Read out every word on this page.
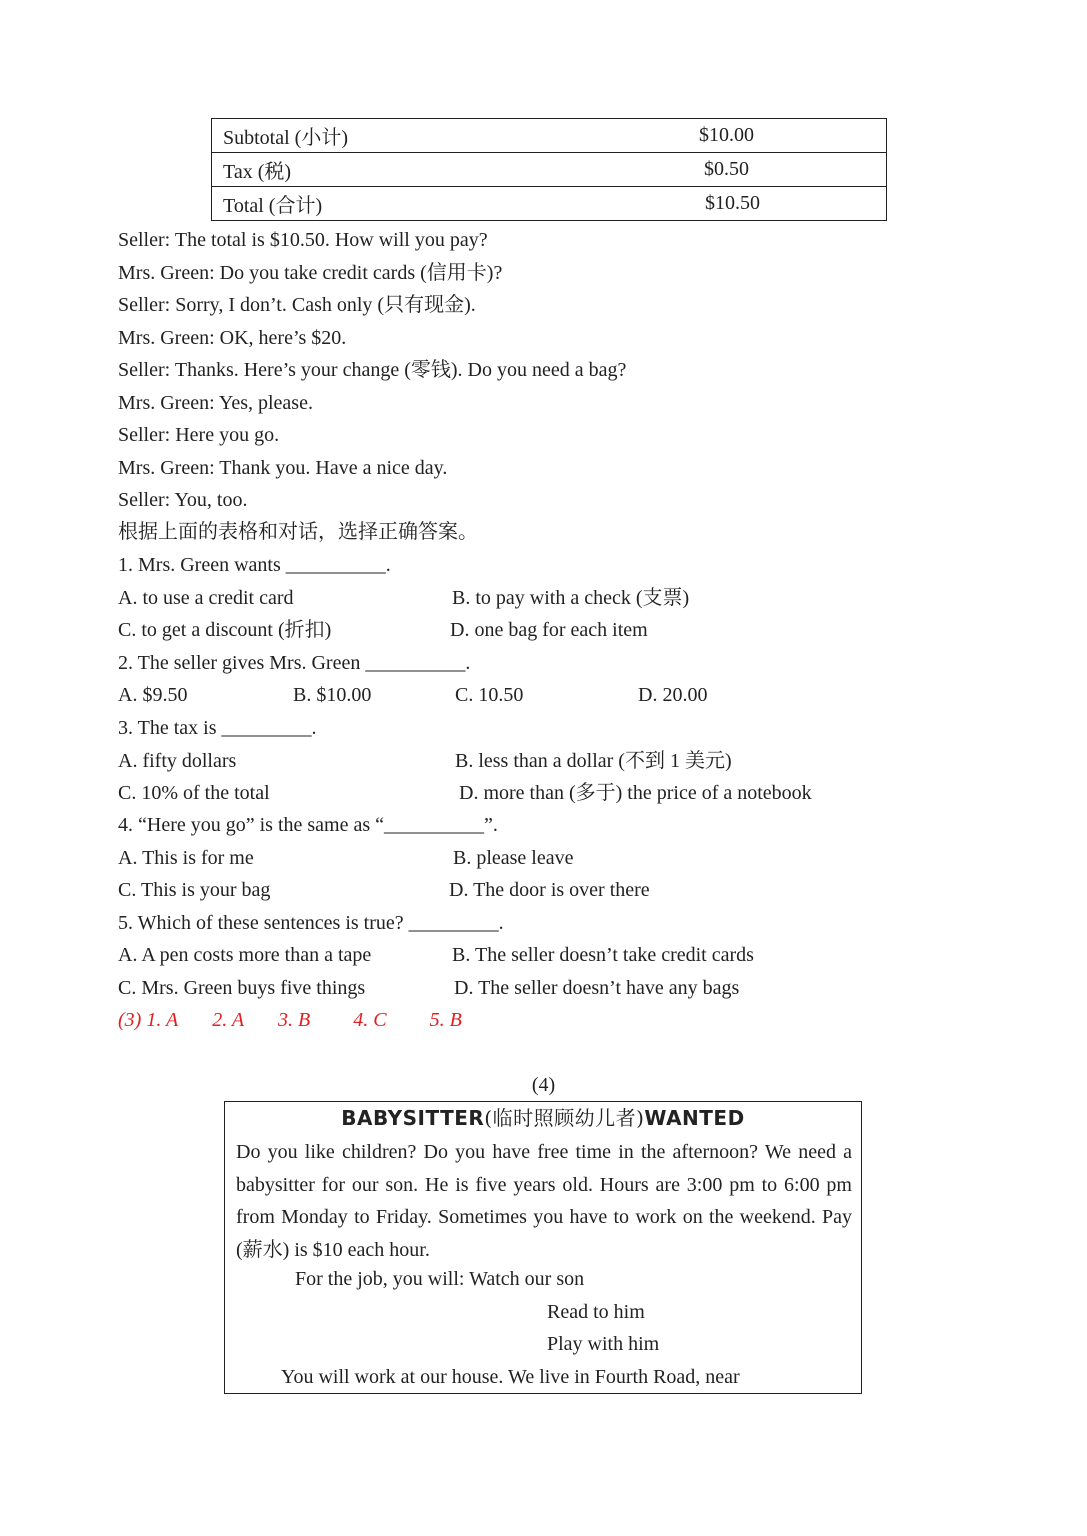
Subtotal (小计)	$10.00
Tax (税)	$0.50
Total (合计)	$10.50
Seller: The total is $10.50. How will you pay?
Mrs. Green: Do you take credit cards (信用卡)?
Seller: Sorry, I don’t. Cash only (只有现金).
Mrs. Green: OK, here’s $20.
Seller: Thanks. Here’s your change (零钱). Do you need a bag?
Mrs. Green: Yes, please.
Seller: Here you go.
Mrs. Green: Thank you. Have a nice day.
Seller: You, too.
根据上面的表格和对话，选择正确答案。
1. Mrs. Green wants __________.
A. to use a credit card	B. to pay with a check (支票)
C. to get a discount (折扣)	D. one bag for each item
2. The seller gives Mrs. Green __________.
A. $9.50	B. $10.00	C. 10.50	D. 20.00
3. The tax is _________.
A. fifty dollars	B. less than a dollar (不到 1 美元)
C. 10% of the total	D. more than (多于) the price of a notebook
4. “Here you go” is the same as “__________”.
A. This is for me	B. please leave
C. This is your bag	D. The door is over there
5. Which of these sentences is true? _________.
A. A pen costs more than a tape	B. The seller doesn’t take credit cards
C. Mrs. Green buys five things	D. The seller doesn’t have any bags
(3) 1. A 2. A 3. B 4. C 5. B
(4)
BABYSITTER(临时照顾幼儿者)WANTED
Do you like children? Do you have free time in the afternoon? We need a babysitter for our son. He is five years old. Hours are 3:00 pm to 6:00 pm from Monday to Friday. Sometimes you have to work on the weekend. Pay (薪水) is $10 each hour.
For the job, you will: Watch our son
Read to him
Play with him
You will work at our house. We live in Fourth Road, near
